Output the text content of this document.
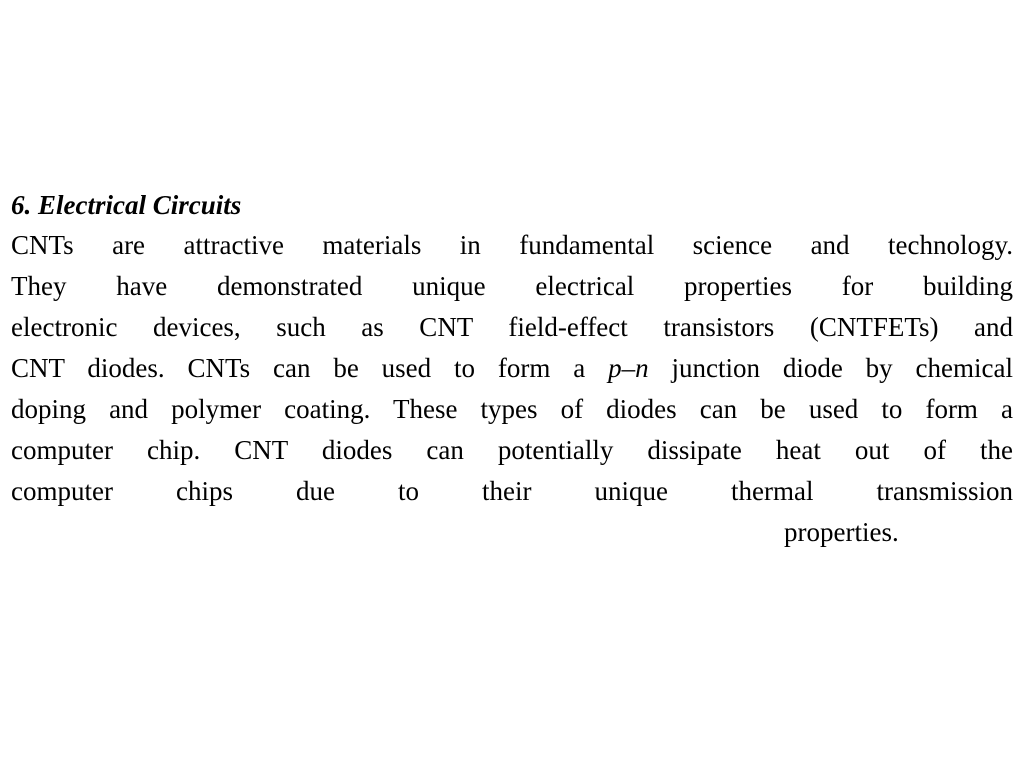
6. Electrical Circuits

CNTs are attractive materials in fundamental science and technology.
They have demonstrated unique electrical properties for building
electronic devices, such as CNT field-effect transistors (CNTFETs) and
CNT diodes. CNTs can be used to form a p–n junction diode by chemical
doping and polymer coating. These types of diodes can be used to form a
computer chip. CNT diodes can potentially dissipate heat out of the
computer chips due to their unique thermal transmission
properties.
